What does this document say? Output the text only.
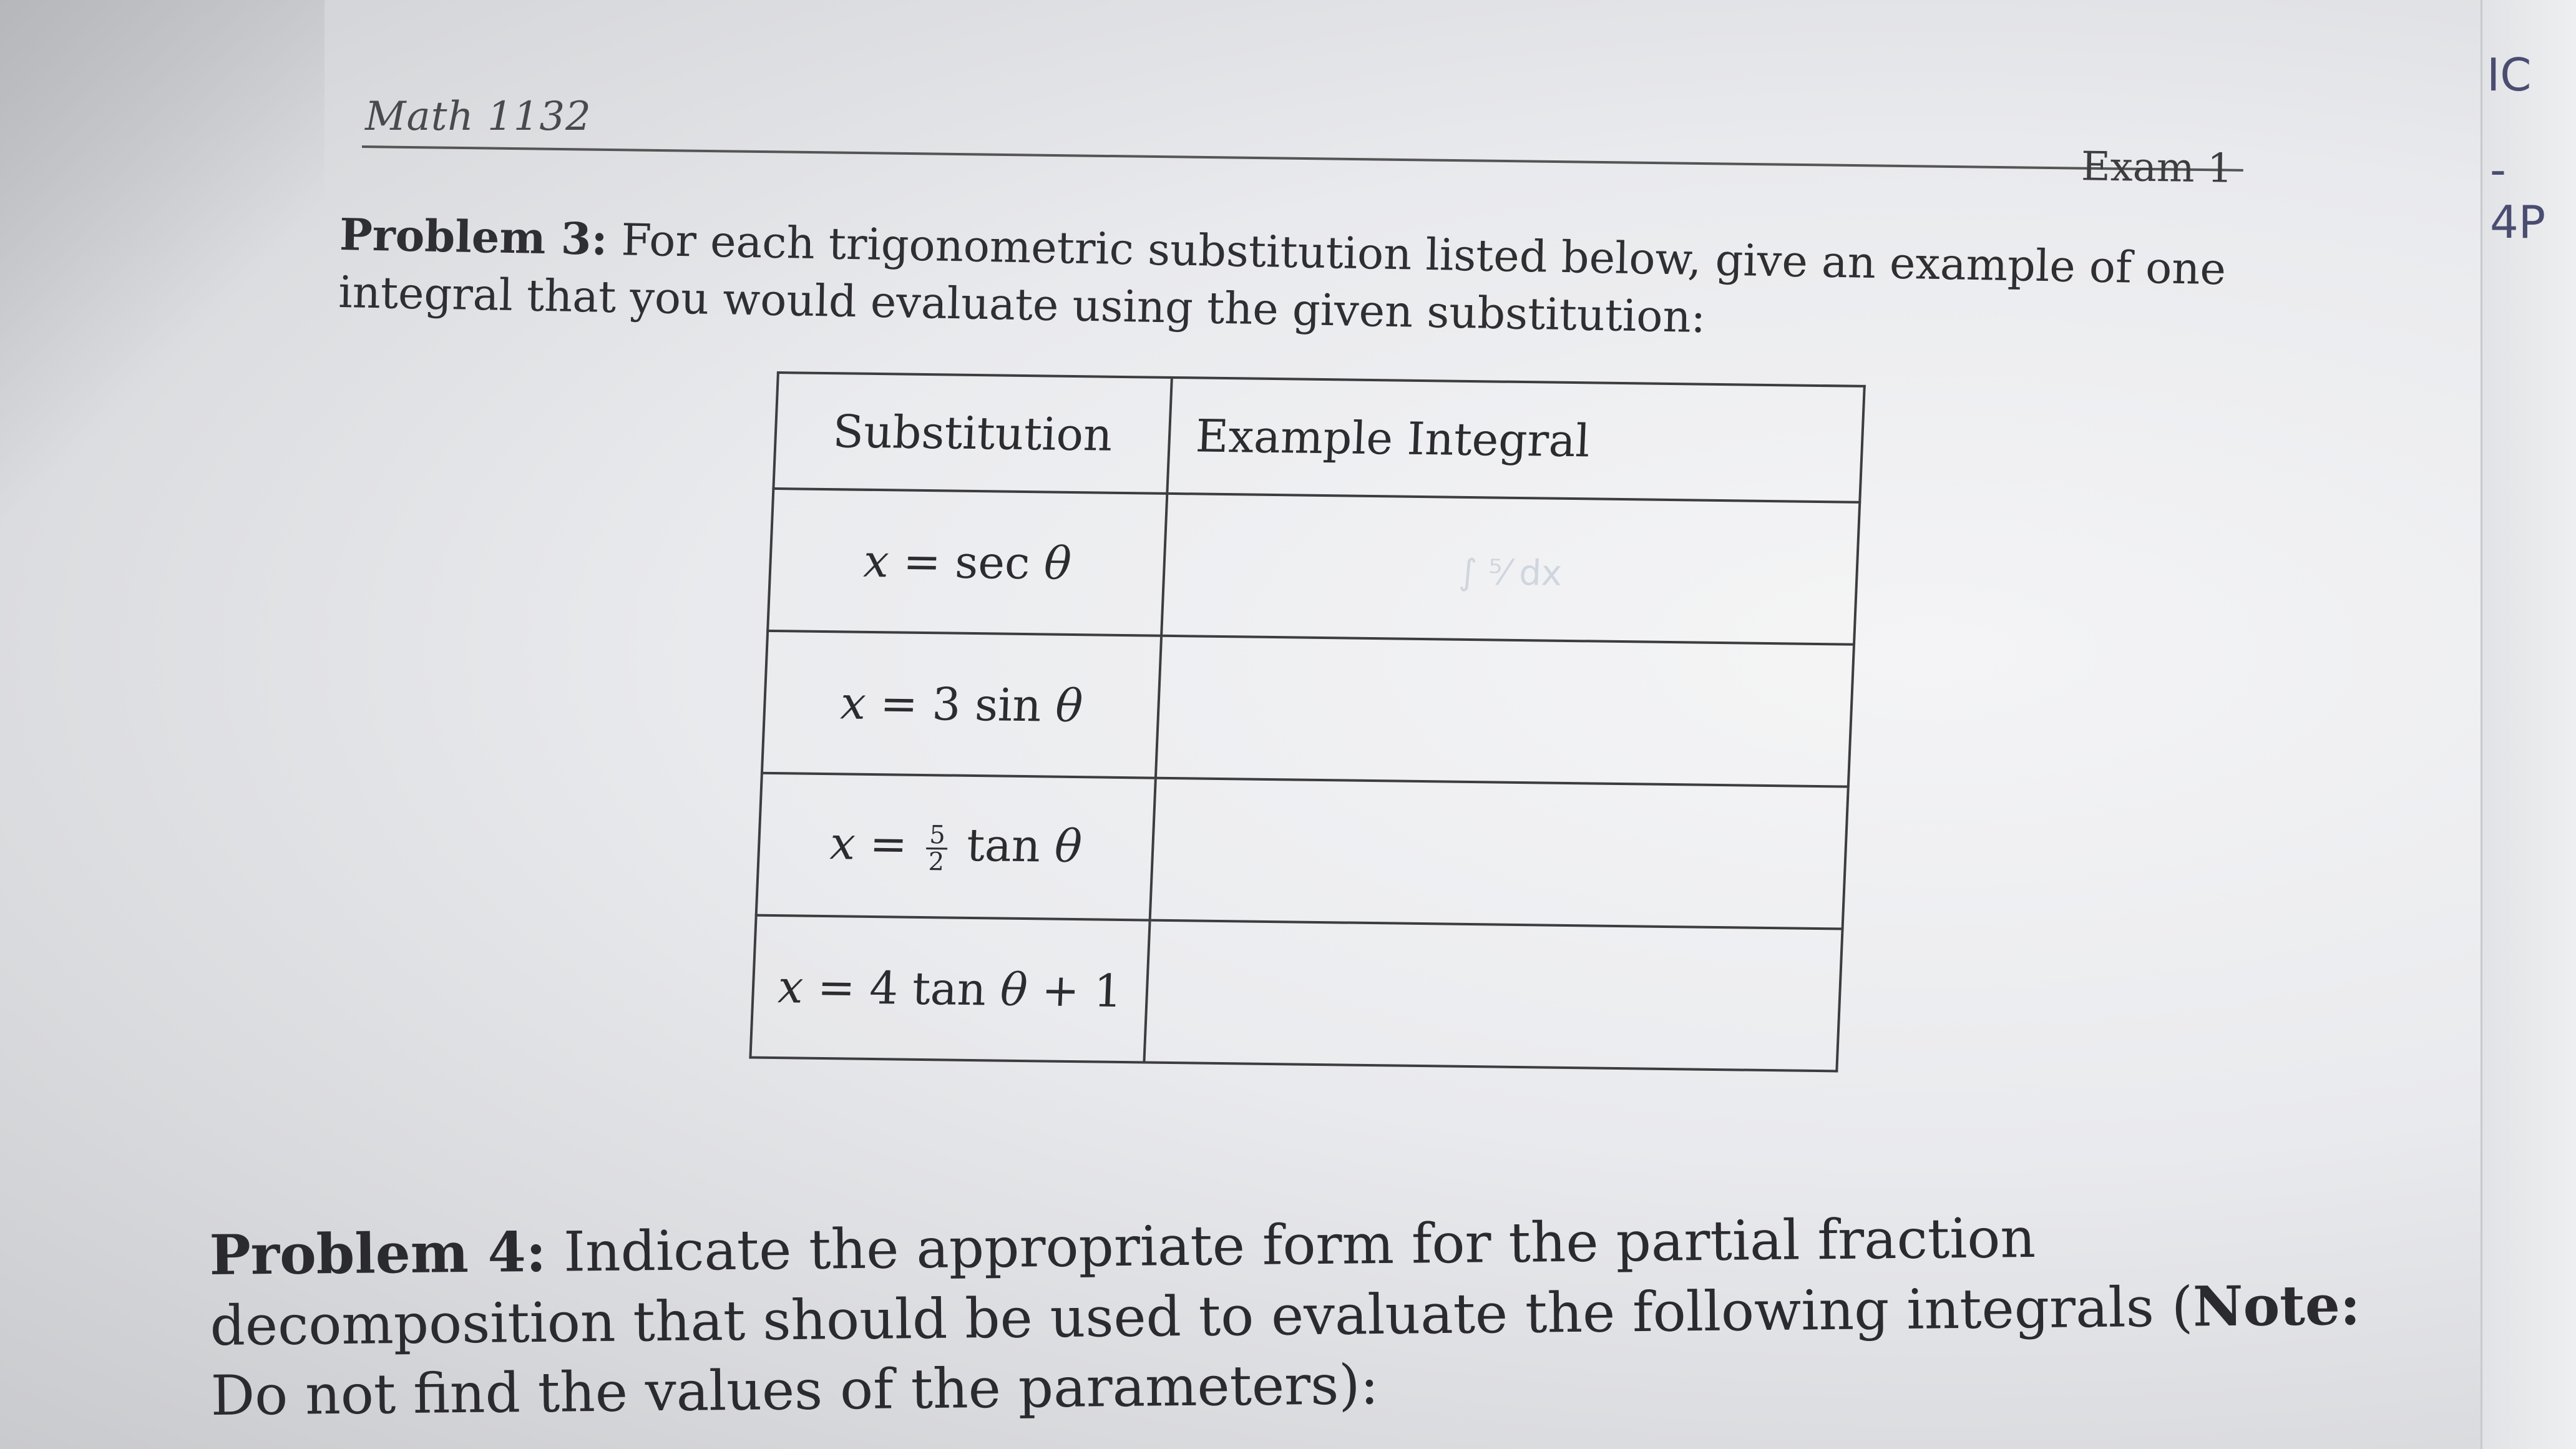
Math 1132
Exam 1
IC
- 4P
Problem 3: For each trigonometric substitution listed below, give an example of one integral that you would evaluate using the given substitution:
Substitution	Example Integral
x = sec θ	∫ ⁵⁄ dx
x = 3 sin θ	
$x = \frac{5}{2}$ tan θ	
x = 4 tan θ + 1	
Problem 4: Indicate the appropriate form for the partial fraction decomposition that should be used to evaluate the following integrals (Note: Do not find the values of the parameters):
